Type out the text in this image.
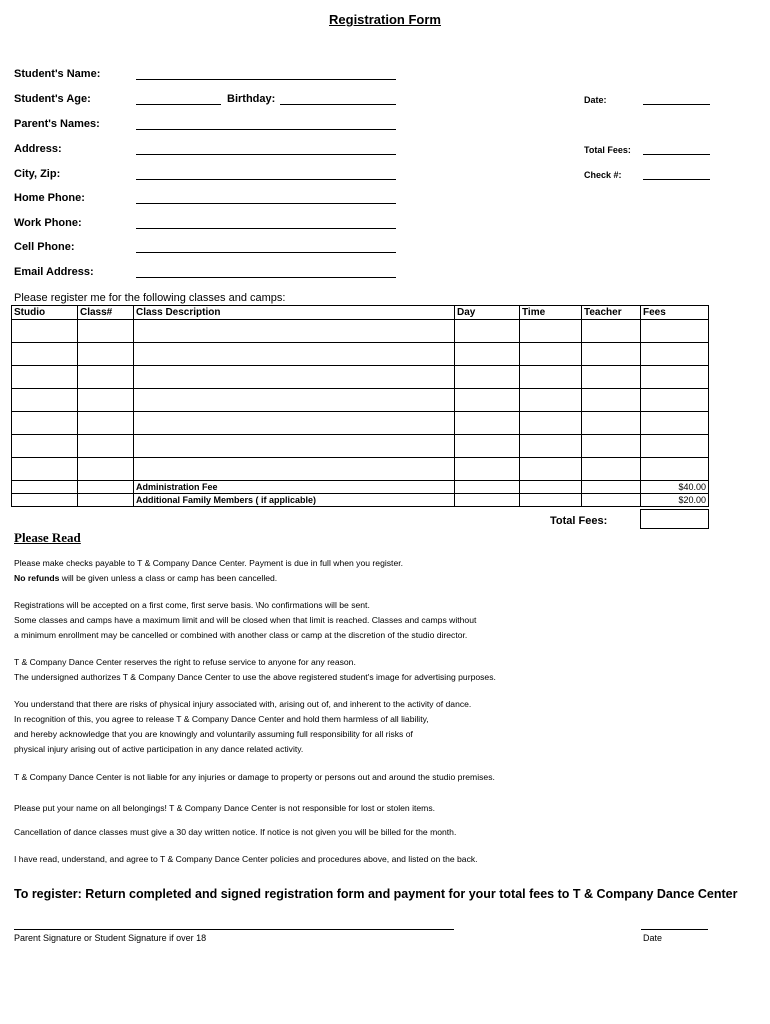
Registration Form
Student's Name:
Student's Age:	Birthday:
Parent's Names:
Address:
City, Zip:
Home Phone:
Work Phone:
Cell Phone:
Email Address:
Date:
Total Fees:
Check #:
Please register me for the following classes and camps:
Studio	Class#	Class Description	Day	Time	Teacher	Fees

		Administration Fee				$40.00
		Additional Family Members ( if applicable)				$20.00
Total Fees:
Please Read
Please make checks payable to T & Company Dance Center. Payment is due in full when you register.
No refunds will be given unless a class or camp has been cancelled.
Registrations will be accepted on a first come, first serve basis. \No confirmations will be sent.
Some classes and camps have a maximum limit and will be closed when that limit is reached. Classes and camps without
a minimum enrollment may be cancelled or combined with another class or camp at the discretion of the studio director.
T & Company Dance Center reserves the right to refuse service to anyone for any reason.
The undersigned authorizes T & Company Dance Center to use the above registered student's image for advertising purposes.
You understand that there are risks of physical injury associated with, arising out of, and inherent to the activity of dance.
In recognition of this, you agree to release T & Company Dance Center and hold them harmless of all liability,
and hereby acknowledge that you are knowingly and voluntarily assuming full responsibility for all risks of
physical injury arising out of active participation in any dance related activity.
T & Company Dance Center is not liable for any injuries or damage to property or persons out and around the studio premises.
Please put your name on all belongings! T & Company Dance Center is not responsible for lost or stolen items.
Cancellation of dance classes must give a 30 day written notice. If notice is not given you will be billed for the month.
I have read, understand, and agree to T & Company Dance Center policies and procedures above, and listed on the back.
To register: Return completed and signed registration form and payment for your total fees to T & Company Dance Center
Parent Signature or Student Signature if over 18	Date
